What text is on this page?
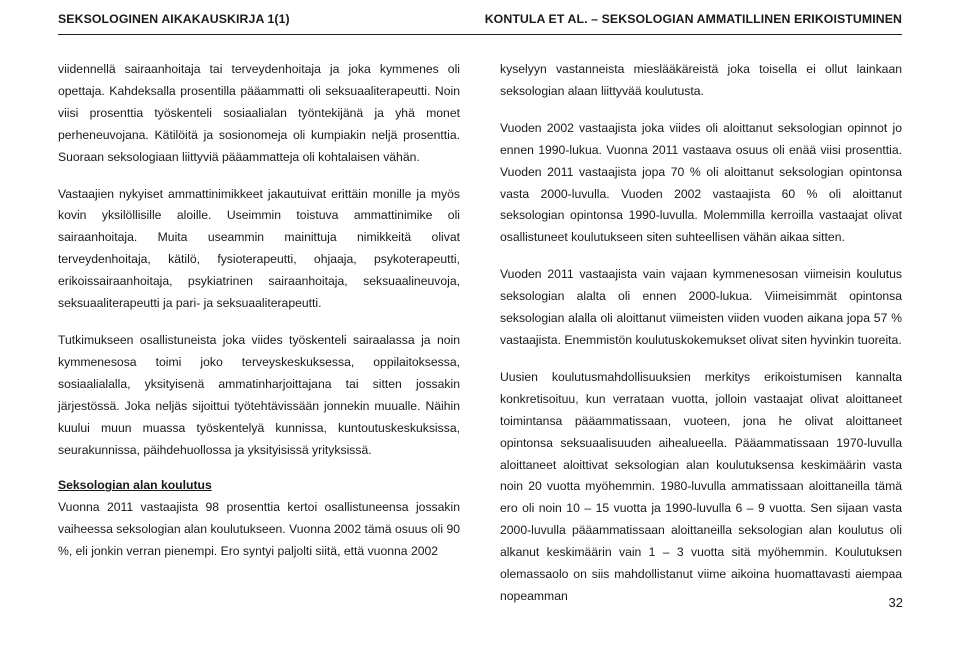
SEKSOLOGINEN AIKAKAUSKIRJA 1(1)	KONTULA ET AL. – SEKSOLOGIAN AMMATILLINEN ERIKOISTUMINEN

viidennellä sairaanhoitaja tai terveydenhoitaja ja joka kymmenes oli opettaja. Kahdeksalla prosentilla pääammatti oli seksuaaliterapeutti. Noin viisi prosenttia työskenteli sosiaalialan työntekijänä ja yhä monet perheneuvojana. Kätilöitä ja sosionomeja oli kumpiakin neljä prosenttia. Suoraan seksologiaan liittyviä pääammatteja oli kohtalaisen vähän.

Vastaajien nykyiset ammattinimikkeet jakautuivat erittäin monille ja myös kovin yksilöllisille aloille. Useimmin toistuva ammattinimike oli sairaanhoitaja. Muita useammin mainittuja nimikkeitä olivat terveydenhoitaja, kätilö, fysioterapeutti, ohjaaja, psykoterapeutti, erikoissairaanhoitaja, psykiatrinen sairaanhoitaja, seksuaalineuvoja, seksuaaliterapeutti ja pari- ja seksuaaliterapeutti.

Tutkimukseen osallistuneista joka viides työskenteli sairaalassa ja noin kymmenesosa toimi joko terveyskeskuksessa, oppilaitoksessa, sosiaalialalla, yksityisenä ammatinharjoittajana tai sitten jossakin järjestössä. Joka neljäs sijoittui työtehtävissään jonnekin muualle. Näihin kuului muun muassa työskentelyä kunnissa, kuntoutuskeskuksissa, seurakunnissa, päihdehuollossa ja yksityisissä yrityksissä.

Seksologian alan koulutus

Vuonna 2011 vastaajista 98 prosenttia kertoi osallistuneensa jossakin vaiheessa seksologian alan koulutukseen. Vuonna 2002 tämä osuus oli 90 %, eli jonkin verran pienempi. Ero syntyi paljolti siitä, että vuonna 2002

kyselyyn vastanneista mieslääkäreistä joka toisella ei ollut lainkaan seksologian alaan liittyvää koulutusta.

Vuoden 2002 vastaajista joka viides oli aloittanut seksologian opinnot jo ennen 1990-lukua. Vuonna 2011 vastaava osuus oli enää viisi prosenttia. Vuoden 2011 vastaajista jopa 70 % oli aloittanut seksologian opintonsa vasta 2000-luvulla. Vuoden 2002 vastaajista 60 % oli aloittanut seksologian opintonsa 1990-luvulla. Molemmilla kerroilla vastaajat olivat osallistuneet koulutukseen siten suhteellisen vähän aikaa sitten.

Vuoden 2011 vastaajista vain vajaan kymmenesosan viimeisin koulutus seksologian alalta oli ennen 2000-lukua. Viimeisimmät opintonsa seksologian alalla oli aloittanut viimeisten viiden vuoden aikana jopa 57 % vastaajista. Enemmistön koulutuskokemukset olivat siten hyvinkin tuoreita.

Uusien koulutusmahdollisuuksien merkitys erikoistumisen kannalta konkretisoituu, kun verrataan vuotta, jolloin vastaajat olivat aloittaneet toimintansa pääammatissaan, vuoteen, jona he olivat aloittaneet opintonsa seksuaalisuuden aihealueella. Pääammatissaan 1970-luvulla aloittaneet aloittivat seksologian alan koulutuksensa keskimäärin vasta noin 20 vuotta myöhemmin. 1980-luvulla ammatissaan aloittaneilla tämä ero oli noin 10 – 15 vuotta ja 1990-luvulla 6 – 9 vuotta. Sen sijaan vasta 2000-luvulla pääammatissaan aloittaneilla seksologian alan koulutus oli alkanut keskimäärin vain 1 – 3 vuotta sitä myöhemmin. Koulutuksen olemassaolo on siis mahdollistanut viime aikoina huomattavasti aiempaa nopeamman	32
